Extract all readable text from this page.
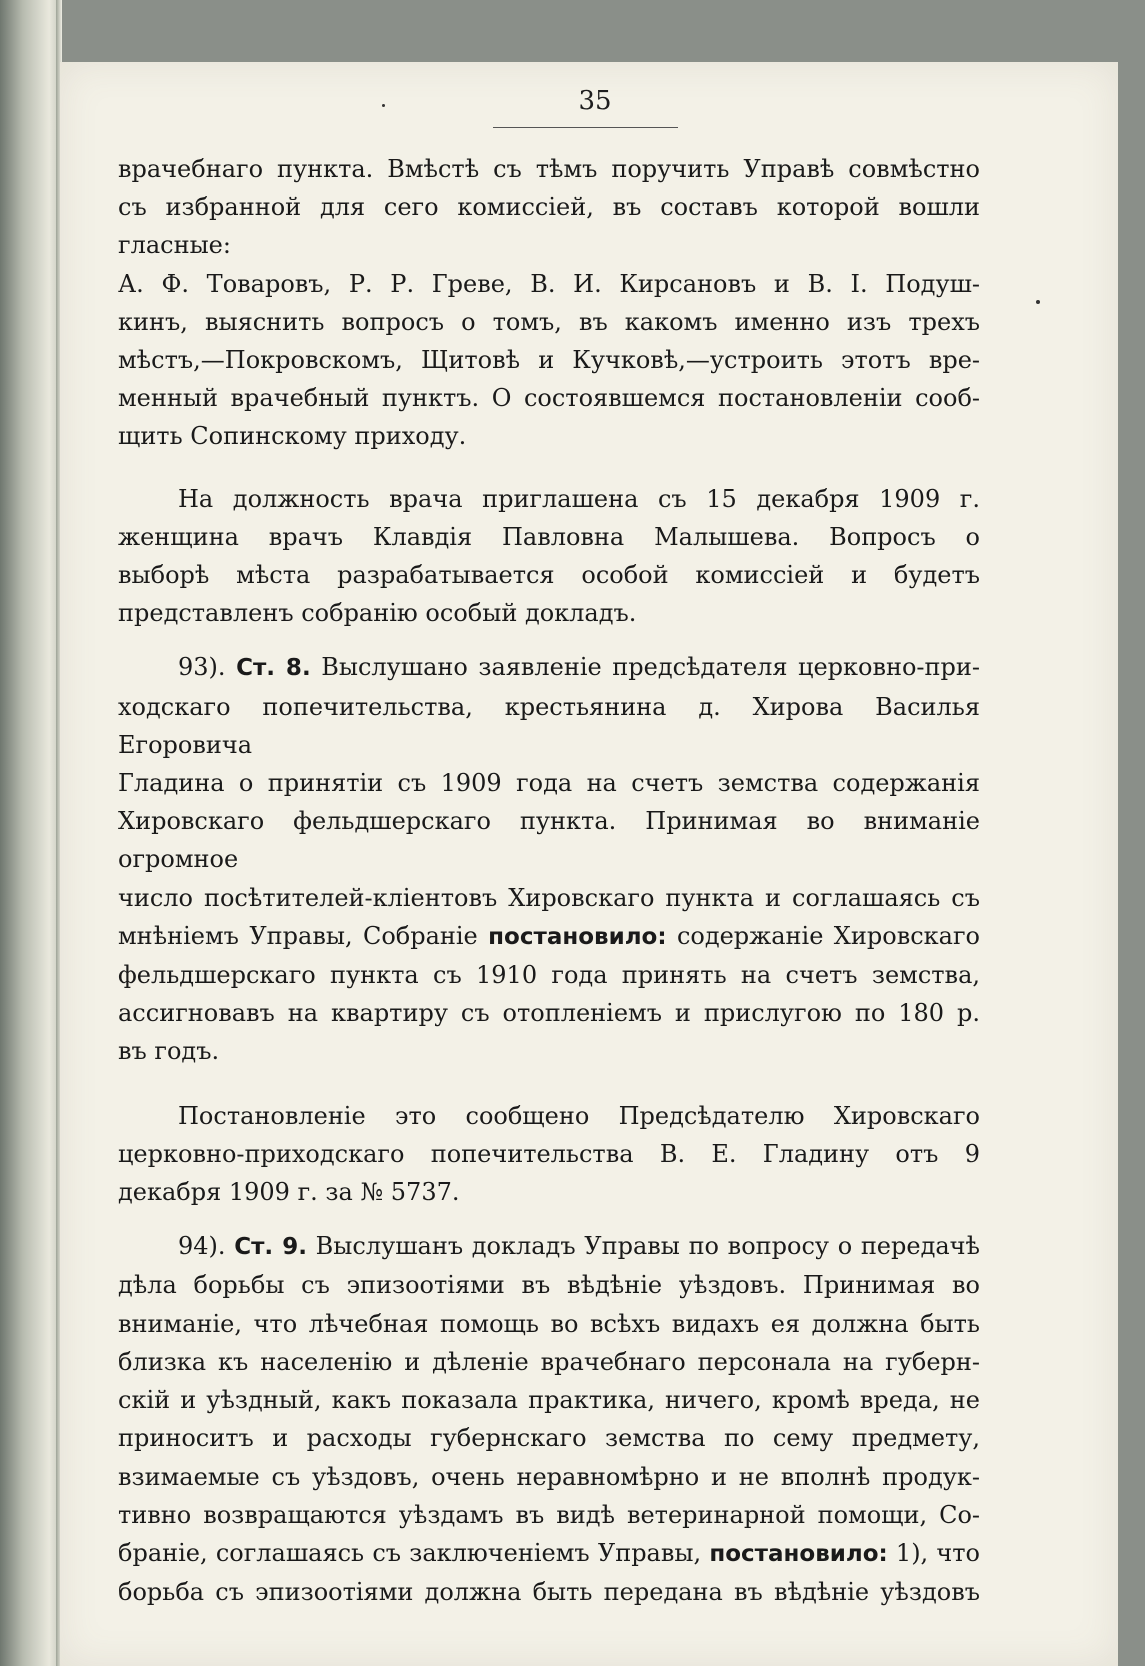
35
врачебнаго пункта. Вмѣстѣ съ тѣмъ поручить Управѣ совмѣстно
съ избранной для сего комиссіей, въ составъ которой вошли гласные:
А. Ф. Товаровъ, Р. Р. Греве, В. И. Кирсановъ и В. I. Подуш-
кинъ, выяснить вопросъ о томъ, въ какомъ именно изъ трехъ
мѣстъ,—Покровскомъ, Щитовѣ и Кучковѣ,—устроить этотъ вре-
менный врачебный пунктъ. О состоявшемся постановленіи сооб-
щить Сопинскому приходу.
На должность врача приглашена съ 15 декабря 1909 г.
женщина врачъ Клавдія Павловна Малышева. Вопросъ о
выборѣ мѣста разрабатывается особой комиссіей и будетъ
представленъ собранію особый докладъ.
93). Ст. 8. Выслушано заявленіе предсѣдателя церковно-при-
ходскаго попечительства, крестьянина д. Хирова Василья Егоровича
Гладина о принятіи съ 1909 года на счетъ земства содержанія
Хировскаго фельдшерскаго пункта. Принимая во вниманіе огромное
число посѣтителей-кліентовъ Хировскаго пункта и соглашаясь съ
мнѣніемъ Управы, Собраніе постановило: содержаніе Хировскаго
фельдшерскаго пункта съ 1910 года принять на счетъ земства,
ассигновавъ на квартиру съ отопленіемъ и прислугою по 180 р.
въ годъ.
Постановленіе это сообщено Предсѣдателю Хировскаго
церковно-приходскаго попечительства В. Е. Гладину отъ 9
декабря 1909 г. за № 5737.
94). Ст. 9. Выслушанъ докладъ Управы по вопросу о передачѣ
дѣла борьбы съ эпизоотіями въ вѣдѣніе уѣздовъ. Принимая во
вниманіе, что лѣчебная помощь во всѣхъ видахъ ея должна быть
близка къ населенію и дѣленіе врачебнаго персонала на губерн-
скій и уѣздный, какъ показала практика, ничего, кромѣ вреда, не
приноситъ и расходы губернскаго земства по сему предмету,
взимаемые съ уѣздовъ, очень неравномѣрно и не вполнѣ продук-
тивно возвращаются уѣздамъ въ видѣ ветеринарной помощи, Со-
браніе, соглашаясь съ заключеніемъ Управы, постановило: 1), что
борьба съ эпизоотіями должна быть передана въ вѣдѣніе уѣздовъ
